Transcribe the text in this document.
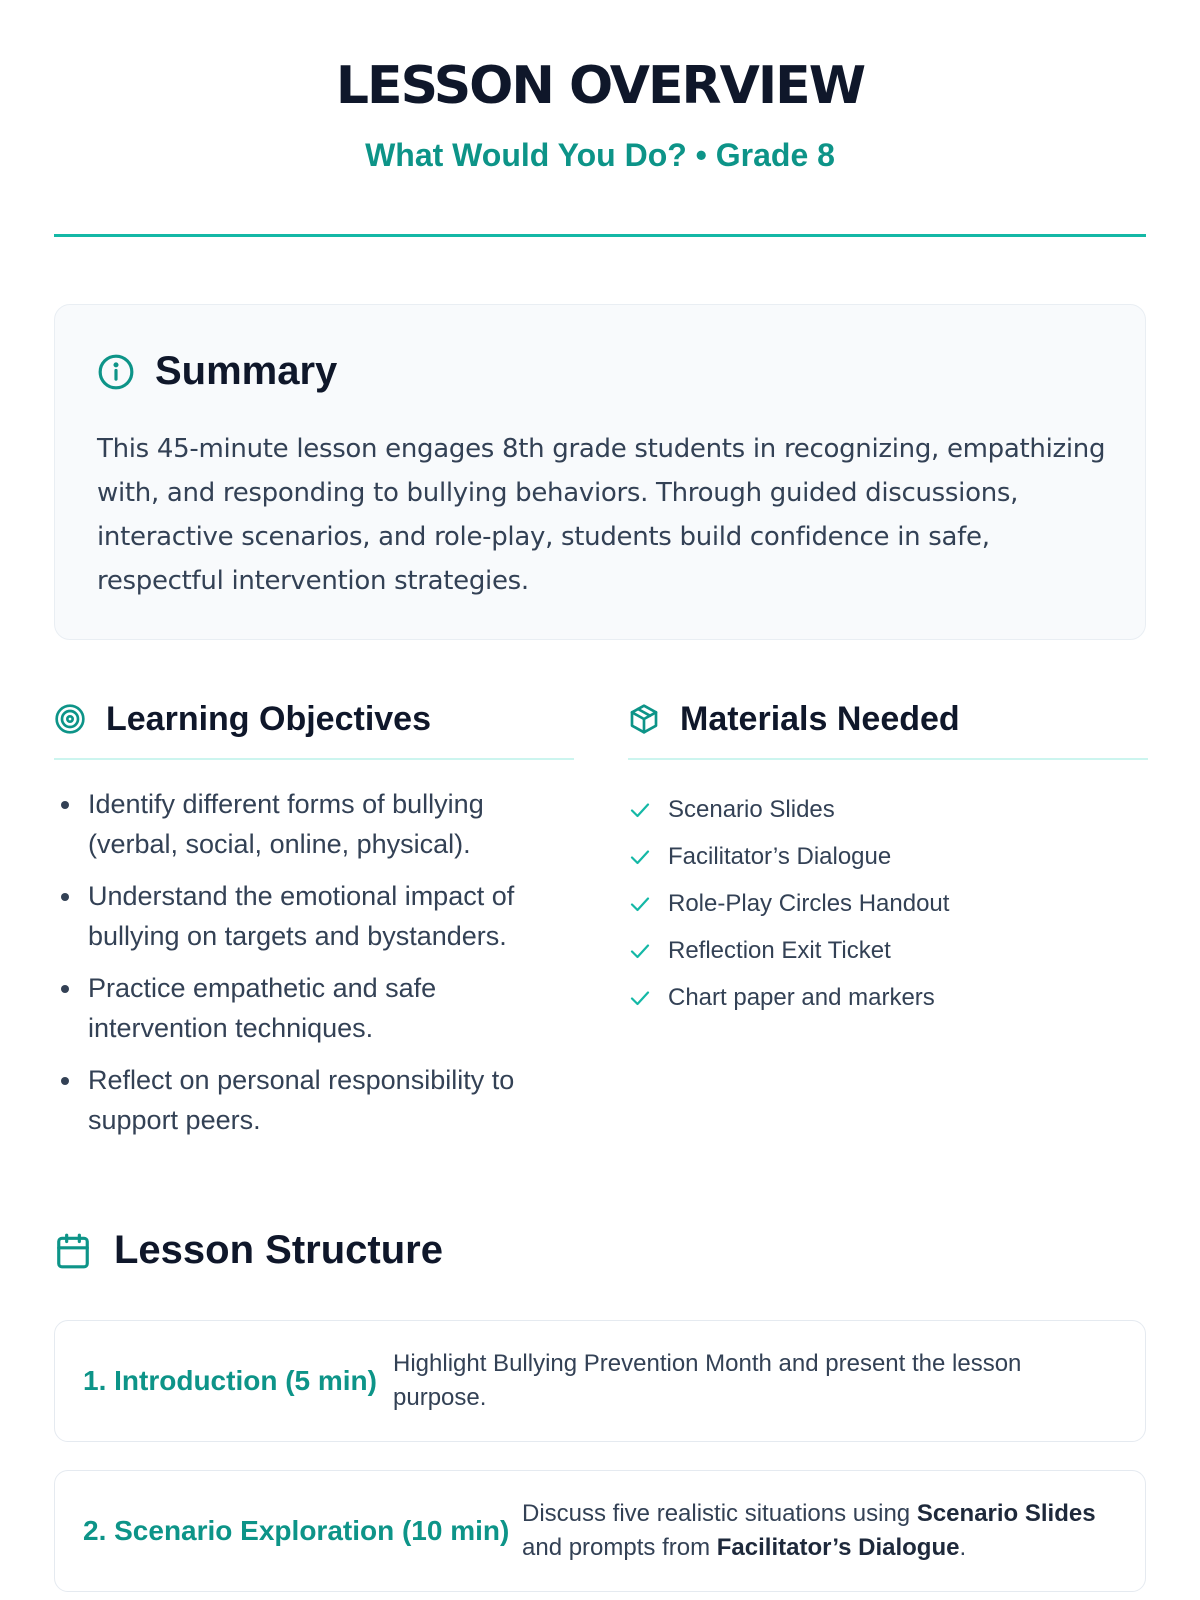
LESSON OVERVIEW
What Would You Do? • Grade 8
Summary

This 45-minute lesson engages 8th grade students in recognizing, empathizing with, and responding to bullying behaviors. Through guided discussions, interactive scenarios, and role-play, students build confidence in safe, respectful intervention strategies.

Learning Objectives
Identify different forms of bullying (verbal, social, online, physical).
Understand the emotional impact of bullying on targets and bystanders.
Practice empathetic and safe intervention techniques.
Reflect on personal responsibility to support peers.
Materials Needed
Scenario Slides
Facilitator’s Dialogue
Role-Play Circles Handout
Reflection Exit Ticket
Chart paper and markers
Lesson Structure
1. Introduction (5 min)
Highlight Bullying Prevention Month and present the lesson purpose.
2. Scenario Exploration (10 min)
Discuss five realistic situations using Scenario Slides and prompts from Facilitator’s Dialogue.
